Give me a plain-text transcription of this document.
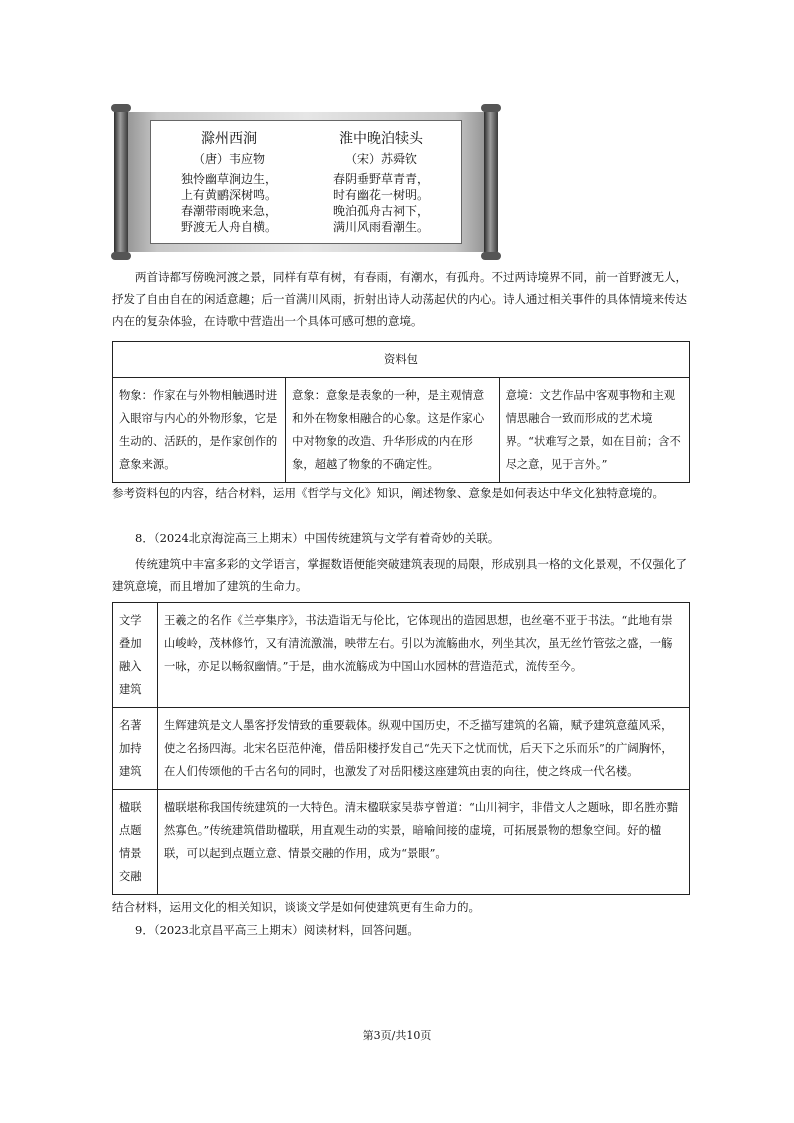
滁州西涧
（唐）韦应物
独怜幽草涧边生，
上有黄鹂深树鸣。
春潮带雨晚来急，
野渡无人舟自横。
淮中晚泊犊头
（宋）苏舜钦
春阴垂野草青青，
时有幽花一树明。
晚泊孤舟古祠下，
满川风雨看潮生。
两首诗都写傍晚河渡之景，同样有草有树，有春雨，有潮水，有孤舟。不过两诗境界不同，前一首野渡无人，抒发了自由自在的闲适意趣；后一首满川风雨，折射出诗人动荡起伏的内心。诗人通过相关事件的具体情境来传达内在的复杂体验，在诗歌中营造出一个具体可感可想的意境。
资料包
物象：作家在与外物相触遇时进入眼帘与内心的外物形象，它是生动的、活跃的，是作家创作的意象来源。	意象：意象是表象的一种，是主观情意和外在物象相融合的心象。这是作家心中对物象的改造、升华形成的内在形象，超越了物象的不确定性。	意境：文艺作品中客观事物和主观情思融合一致而形成的艺术境界。“状难写之景，如在目前；含不尽之意，见于言外。”
参考资料包的内容，结合材料，运用《哲学与文化》知识，阐述物象、意象是如何表达中华文化独特意境的。
8．（2024北京海淀高三上期末）中国传统建筑与文学有着奇妙的关联。
传统建筑中丰富多彩的文学语言，掌握数语便能突破建筑表现的局限，形成别具一格的文化景观，不仅强化了建筑意境，而且增加了建筑的生命力。
文学叠加融入建筑	王羲之的名作《兰亭集序》，书法造诣无与伦比，它体现出的造园思想，也丝毫不亚于书法。“此地有崇山峻岭，茂林修竹，又有清流激湍，映带左右。引以为流觞曲水，列坐其次，虽无丝竹管弦之盛，一觞一咏，亦足以畅叙幽情。”于是，曲水流觞成为中国山水园林的营造范式，流传至今。
名著加持建筑	生辉建筑是文人墨客抒发情致的重要载体。纵观中国历史，不乏描写建筑的名篇，赋予建筑意蕴风采，使之名扬四海。北宋名臣范仲淹，借岳阳楼抒发自己“先天下之忧而忧，后天下之乐而乐”的广阔胸怀，在人们传颂他的千古名句的同时，也激发了对岳阳楼这座建筑由衷的向往，使之终成一代名楼。
楹联点题情景交融	楹联堪称我国传统建筑的一大特色。清末楹联家吴恭亨曾道：“山川祠宇，非借文人之题咏，即名胜亦黯然寡色。”传统建筑借助楹联，用直观生动的实景，暗喻间接的虚境，可拓展景物的想象空间。好的楹联，可以起到点题立意、情景交融的作用，成为“景眼”。
结合材料，运用文化的相关知识，谈谈文学是如何使建筑更有生命力的。
9．（2023北京昌平高三上期末）阅读材料，回答问题。
第3页/共10页
